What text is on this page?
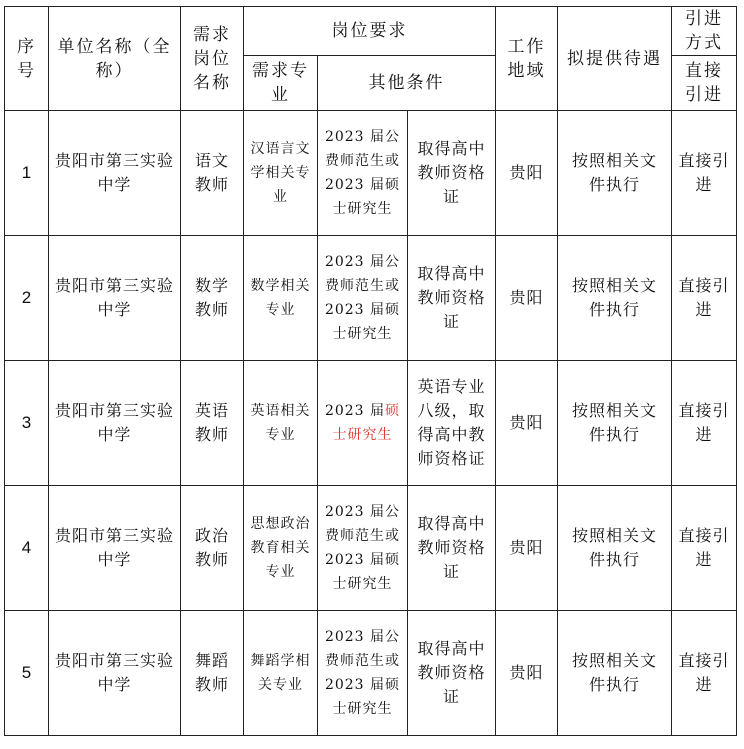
序号	单位名称（全称）	需求岗位名称	岗位要求			工作地域	拟提供待遇	引进方式
			需求专业	其他条件				直接引进
1	贵阳市第三实验中学	语文教师	汉语言文学相关专业	2023 届公费师范生或 2023 届硕士研究生	取得高中教师资格证	贵阳	按照相关文件执行	直接引进
2	贵阳市第三实验中学	数学教师	数学相关专业	2023 届公费师范生或 2023 届硕士研究生	取得高中教师资格证	贵阳	按照相关文件执行	直接引进
3	贵阳市第三实验中学	英语教师	英语相关专业	2023 届硕士研究生	英语专业八级，取得高中教师资格证	贵阳	按照相关文件执行	直接引进
4	贵阳市第三实验中学	政治教师	思想政治教育相关专业	2023 届公费师范生或 2023 届硕士研究生	取得高中教师资格证	贵阳	按照相关文件执行	直接引进
5	贵阳市第三实验中学	舞蹈教师	舞蹈学相关专业	2023 届公费师范生或 2023 届硕士研究生	取得高中教师资格证	贵阳	按照相关文件执行	直接引进
